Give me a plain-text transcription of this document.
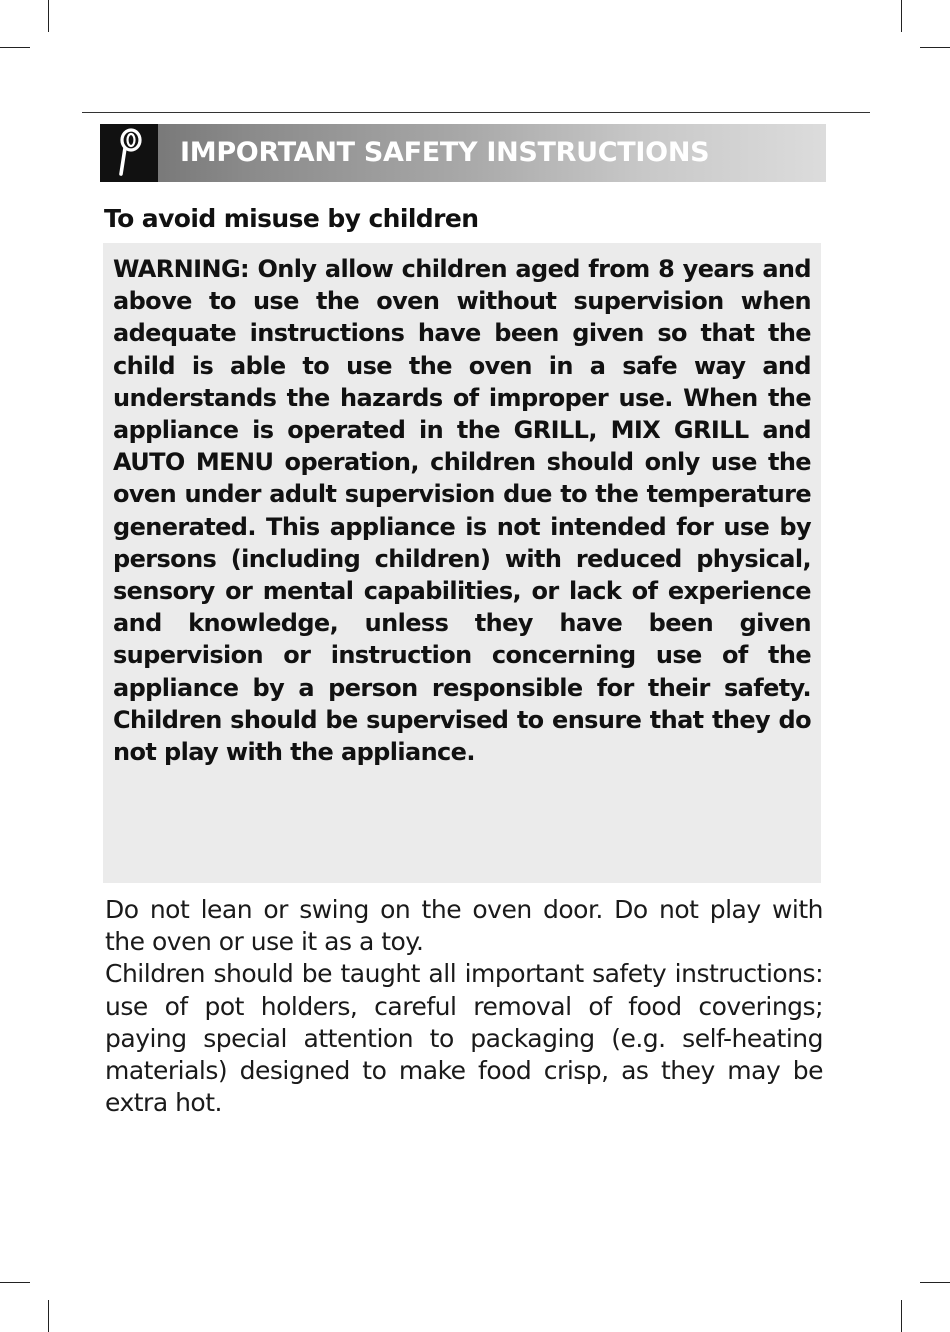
IMPORTANT SAFETY INSTRUCTIONS
To avoid misuse by children

WARNING: Only allow children aged from 8 years and above to use the oven without supervision when adequate instructions have been given so that the child is able to use the oven in a safe way and understands the hazards of improper use. When the appliance is operated in the GRILL, MIX GRILL and AUTO MENU operation, children should only use the oven under adult supervision due to the temperature generated. This appliance is not intended for use by persons (including children) with reduced physical, sensory or mental capabilities, or lack of experience and knowledge, unless they have been given supervision or instruction concerning use of the appliance by a person responsible for their safety. Children should be supervised to ensure that they do not play with the appliance.

Do not lean or swing on the oven door. Do not play with the oven or use it as a toy.

Children should be taught all important safety instructions: use of pot holders, careful removal of food coverings; paying special attention to packaging (e.g. self-heating materials) designed to make food crisp, as they may be extra hot.
